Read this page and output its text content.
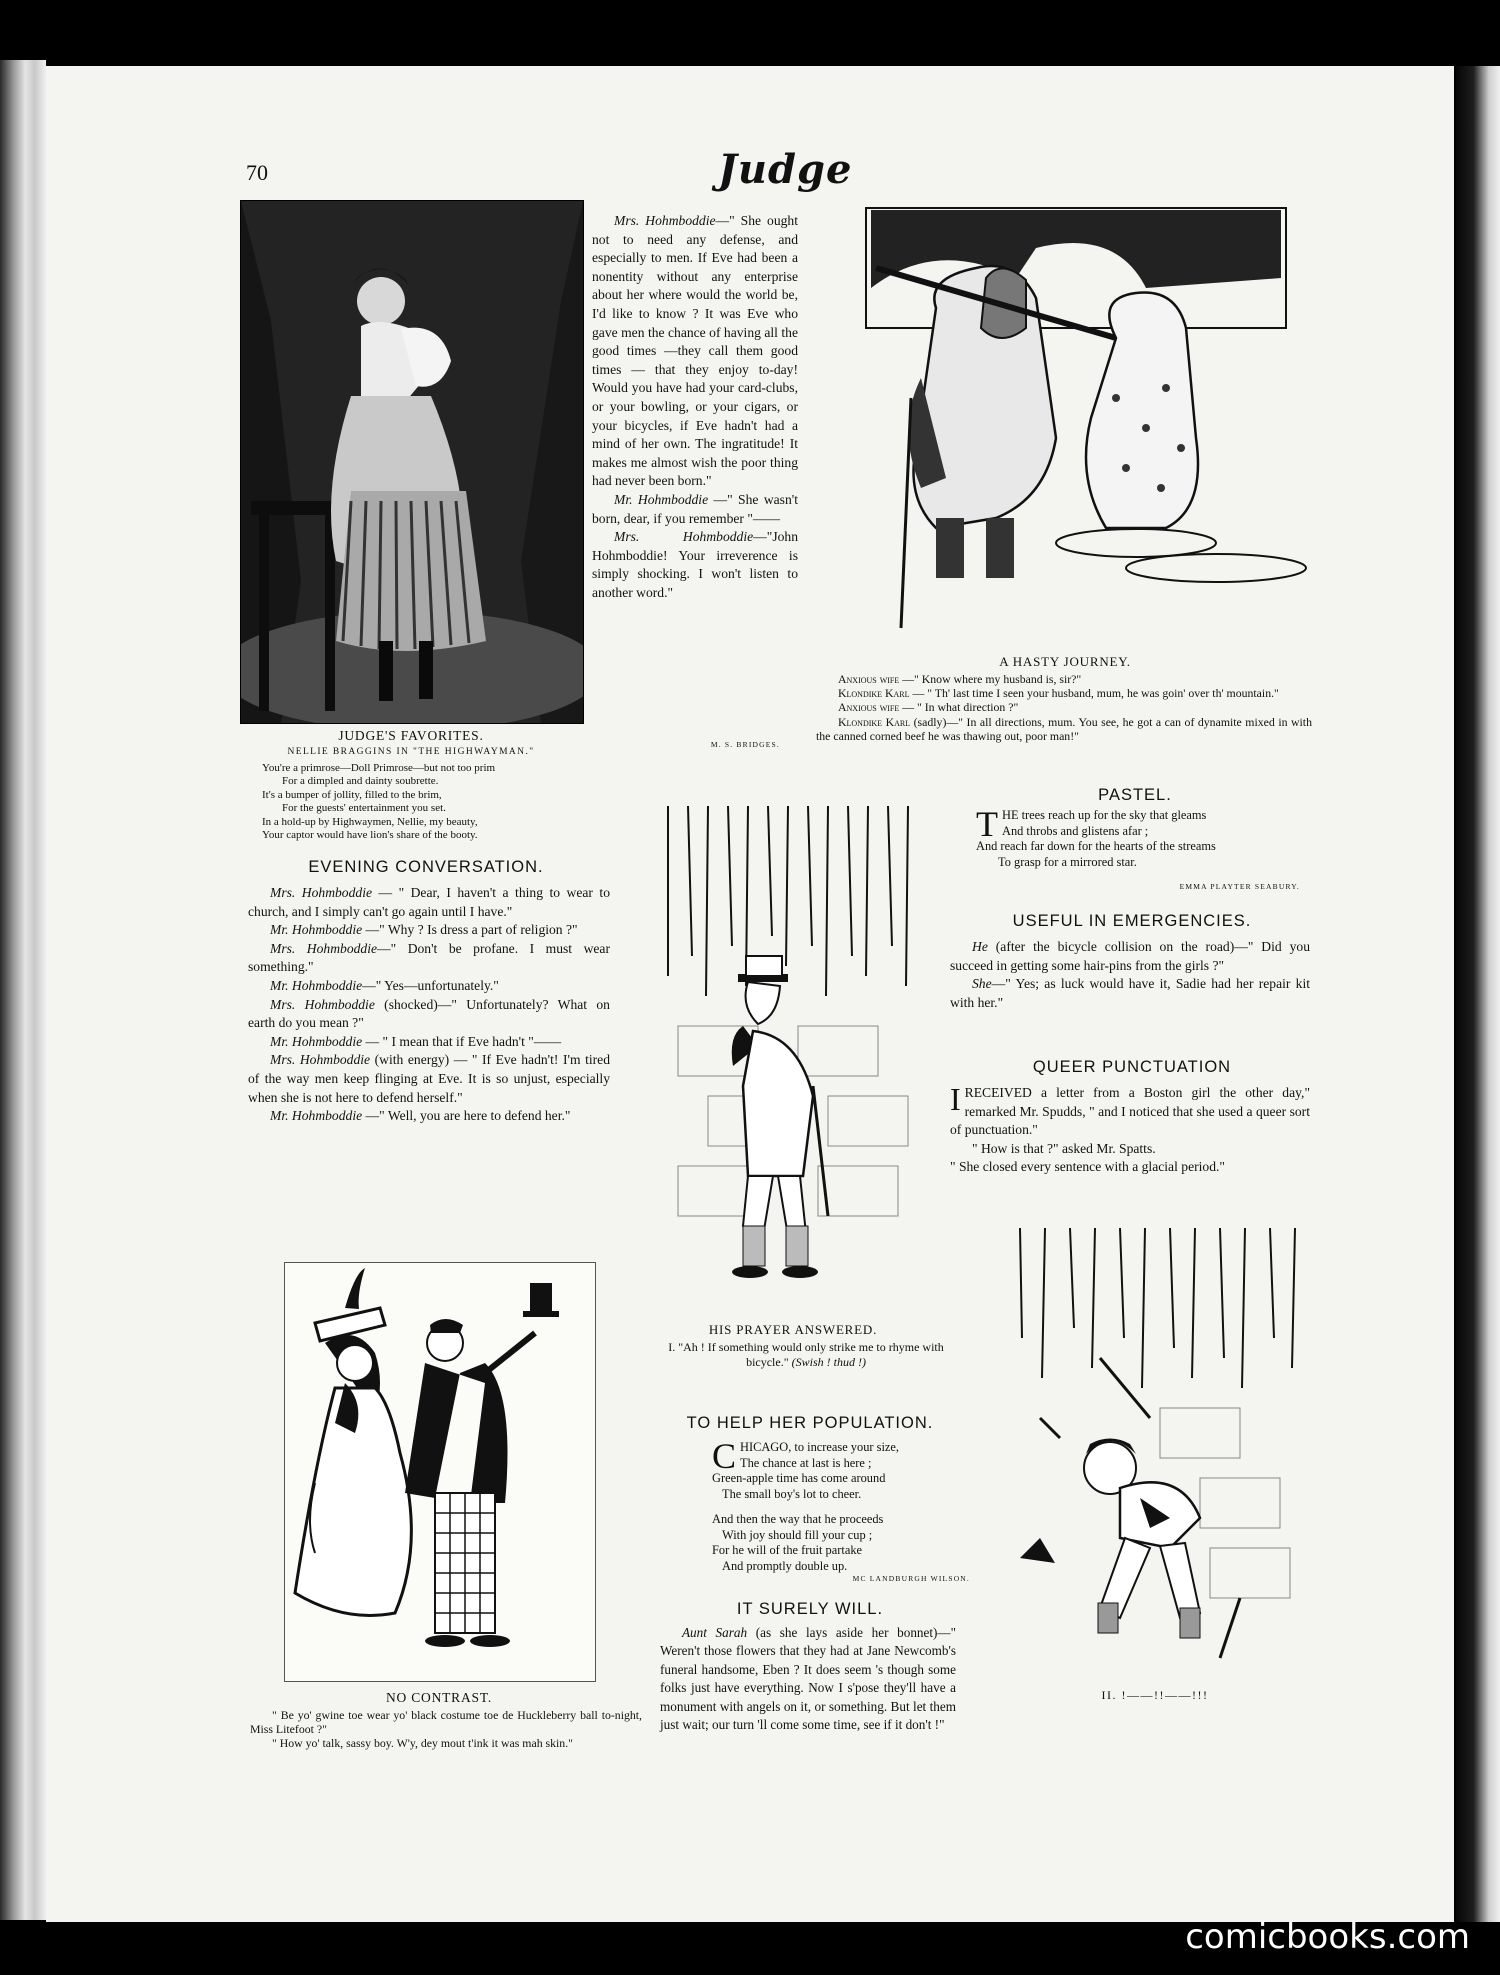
70	Judge
JUDGE'S FAVORITES.
NELLIE BRAGGINS IN "THE HIGHWAYMAN."
You're a primrose—Doll Primrose—but not too prim
For a dimpled and dainty soubrette.
It's a bumper of jollity, filled to the brim,
For the guests' entertainment you set.
In a hold-up by Highwaymen, Nellie, my beauty,
Your captor would have lion's share of the booty.
EVENING CONVERSATION.

Mrs. Hohmboddie — " Dear, I haven't a thing to wear to church, and I simply can't go again until I have."

Mr. Hohmboddie —" Why ? Is dress a part of religion ?"

Mrs. Hohmboddie—" Don't be profane. I must wear something."

Mr. Hohmboddie—" Yes—unfortunately."

Mrs. Hohmboddie (shocked)—" Unfortunately? What on earth do you mean ?"

Mr. Hohmboddie — " I mean that if Eve hadn't "——

Mrs. Hohmboddie (with energy) — " If Eve hadn't! I'm tired of the way men keep flinging at Eve. It is so unjust, especially when she is not here to defend herself."

Mr. Hohmboddie —" Well, you are here to defend her."

NO CONTRAST.

" Be yo' gwine toe wear yo' black costume toe de Huckleberry ball to-night, Miss Litefoot ?"

" How yo' talk, sassy boy. W'y, dey mout t'ink it was mah skin."

Mrs. Hohmboddie—" She ought not to need any defense, and especially to men. If Eve had been a nonentity without any enterprise about her where would the world be, I'd like to know ? It was Eve who gave men the chance of having all the good times —they call them good times — that they enjoy to-day! Would you have had your card-clubs, or your bowling, or your cigars, or your bicycles, if Eve hadn't had a mind of her own. The ingratitude! It makes me almost wish the poor thing had never been born."

Mr. Hohmboddie —" She wasn't born, dear, if you remember "——

Mrs. Hohmboddie—"John Hohmboddie! Your irreverence is simply shocking. I won't listen to another word."

M. S. BRIDGES.
HIS PRAYER ANSWERED.
I. "Ah ! If something would only strike me to rhyme with bicycle." (Swish ! thud !)
TO HELP HER POPULATION.
C HICAGO, to increase your size,
The chance at last is here ;
Green-apple time has come around
The small boy's lot to cheer.
And then the way that he proceeds
With joy should fill your cup ;
For he will of the fruit partake
And promptly double up.
MC LANDBURGH WILSON.
IT SURELY WILL.

Aunt Sarah (as she lays aside her bonnet)—" Weren't those flowers that they had at Jane Newcomb's funeral handsome, Eben ? It does seem 's though some folks just have everything. Now I s'pose they'll have a monument with angels on it, or something. But let them just wait; our turn 'll come some time, see if it don't !"

A HASTY JOURNEY.

Anxious wife —" Know where my husband is, sir?"

Klondike Karl — " Th' last time I seen your husband, mum, he was goin' over th' mountain."

Anxious wife — " In what direction ?"

Klondike Karl (sadly)—" In all directions, mum. You see, he got a can of dynamite mixed in with the canned corned beef he was thawing out, poor man!"

PASTEL.
T HE trees reach up for the sky that gleams
And throbs and glistens afar ;
And reach far down for the hearts of the streams
To grasp for a mirrored star.
EMMA PLAYTER SEABURY.
USEFUL IN EMERGENCIES.

He (after the bicycle collision on the road)—" Did you succeed in getting some hair-pins from the girls ?"

She—" Yes; as luck would have it, Sadie had her repair kit with her."

QUEER PUNCTUATION

IRECEIVED a letter from a Boston girl the other day," remarked Mr. Spudds, " and I noticed that she used a queer sort of punctuation."

" How is that ?" asked Mr. Spatts.

" She closed every sentence with a glacial period."

II. !——!!——!!!
comicbooks.com
